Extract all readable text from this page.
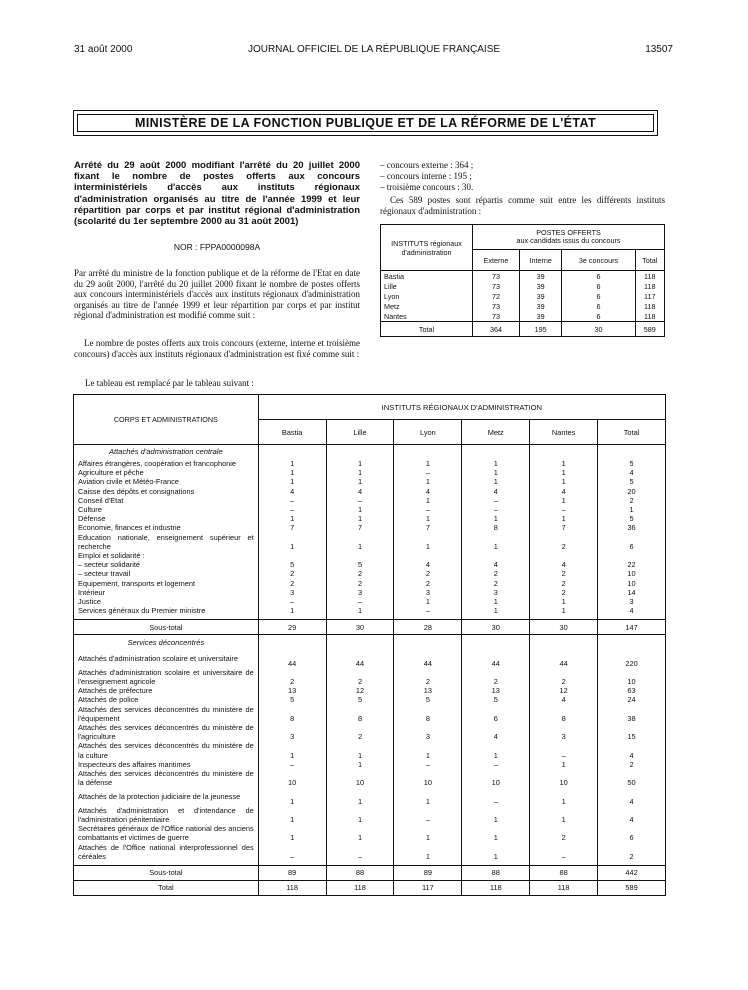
31 août 2000	JOURNAL OFFICIEL DE LA RÉPUBLIQUE FRANÇAISE	13507
MINISTÈRE DE LA FONCTION PUBLIQUE ET DE LA RÉFORME DE L'ÉTAT
Arrêté du 29 août 2000 modifiant l'arrêté du 20 juillet 2000 fixant le nombre de postes offerts aux concours interministériels d'accès aux instituts régionaux d'administration organisés au titre de l'année 1999 et leur répartition par corps et par institut régional d'administration (scolarité du 1er septembre 2000 au 31 août 2001)
NOR : FPPA0000098A
Par arrêté du ministre de la fonction publique et de la réforme de l'Etat en date du 29 août 2000, l'arrêté du 20 juillet 2000 fixant le nombre de postes offerts aux concours interministériels d'accès aux instituts régionaux d'administration organisés au titre de l'année 1999 et leur répartition par corps et par institut régional d'administration est modifié comme suit :
Le nombre de postes offerts aux trois concours (externe, interne et troisième concours) d'accès aux instituts régionaux d'administration est fixé comme suit :
– concours externe : 364 ;
– concours interne : 195 ;
– troisième concours : 30.
Ces 589 postes sont répartis comme suit entre les différents instituts régionaux d'administration :
INSTITUTS régionaux d'administration	POSTES OFFERTS
aux candidats issus du concours			

	Externe	Interne	3e concours	Total
Bastia	73	39	6	118
Lille	73	39	6	118
Lyon	72	39	6	117
Metz	73	39	6	118
Nantes	73	39	6	118
Total	364	195	30	589
Le tableau est remplacé par le tableau suivant :
CORPS ET ADMINISTRATIONS	INSTITUTS RÉGIONAUX D'ADMINISTRATION					
	Bastia	Lille	Lyon	Metz	Nantes	Total
Attachés d'administration centrale						
Affaires étrangères, coopération et francophonie	1	1	1	1	1	5
Agriculture et pêche	1	1	–	1	1	4
Aviation civile et Météo-France	1	1	1	1	1	5
Caisse des dépôts et consignations	4	4	4	4	4	20
Conseil d'Etat	–	–	1	–	1	2
Culture	–	1	–	–	–	1
Défense	1	1	1	1	1	5
Economie, finances et industrie	7	7	7	8	7	36
Education nationale, enseignement supérieur et recherche	1	1	1	1	2	6
Emploi et solidarité :						
– secteur solidarité	5	5	4	4	4	22
– secteur travail	2	2	2	2	2	10
Equipement, transports et logement	2	2	2	2	2	10
Intérieur	3	3	3	3	2	14
Justice	–	–	1	1	1	3
Services généraux du Premier ministre	1	1	–	1	1	4

Sous-total	29	30	28	30	30	147
Services déconcentrés						
Attachés d'administration scolaire et universitaire	44	44	44	44	44	220
Attachés d'administration scolaire et universitaire de l'enseignement agricole	2	2	2	2	2	10
Attachés de préfecture	13	12	13	13	12	63
Attachés de police	5	5	5	5	4	24
Attachés des services déconcentrés du ministère de l'équipement	8	8	8	6	8	38
Attachés des services déconcentrés du ministère de l'agriculture	3	2	3	4	3	15
Attachés des services déconcentrés du ministère de la culture	1	1	1	1	–	4
Inspecteurs des affaires maritimes	–	1	–	–	1	2
Attachés des services déconcentrés du ministère de la défense	10	10	10	10	10	50
Attachés de la protection judiciaire de la jeunesse	1	1	1	–	1	4
Attachés d'administration et d'intendance de l'administration pénitentiaire	1	1	–	1	1	4
Secrétaires généraux de l'Office national des anciens combattants et victimes de guerre	1	1	1	1	2	6
Attachés de l'Office national interprofessionnel des céréales	–	–	1	1	–	2

Sous-total	89	88	89	88	88	442
Total	118	118	117	118	118	589
